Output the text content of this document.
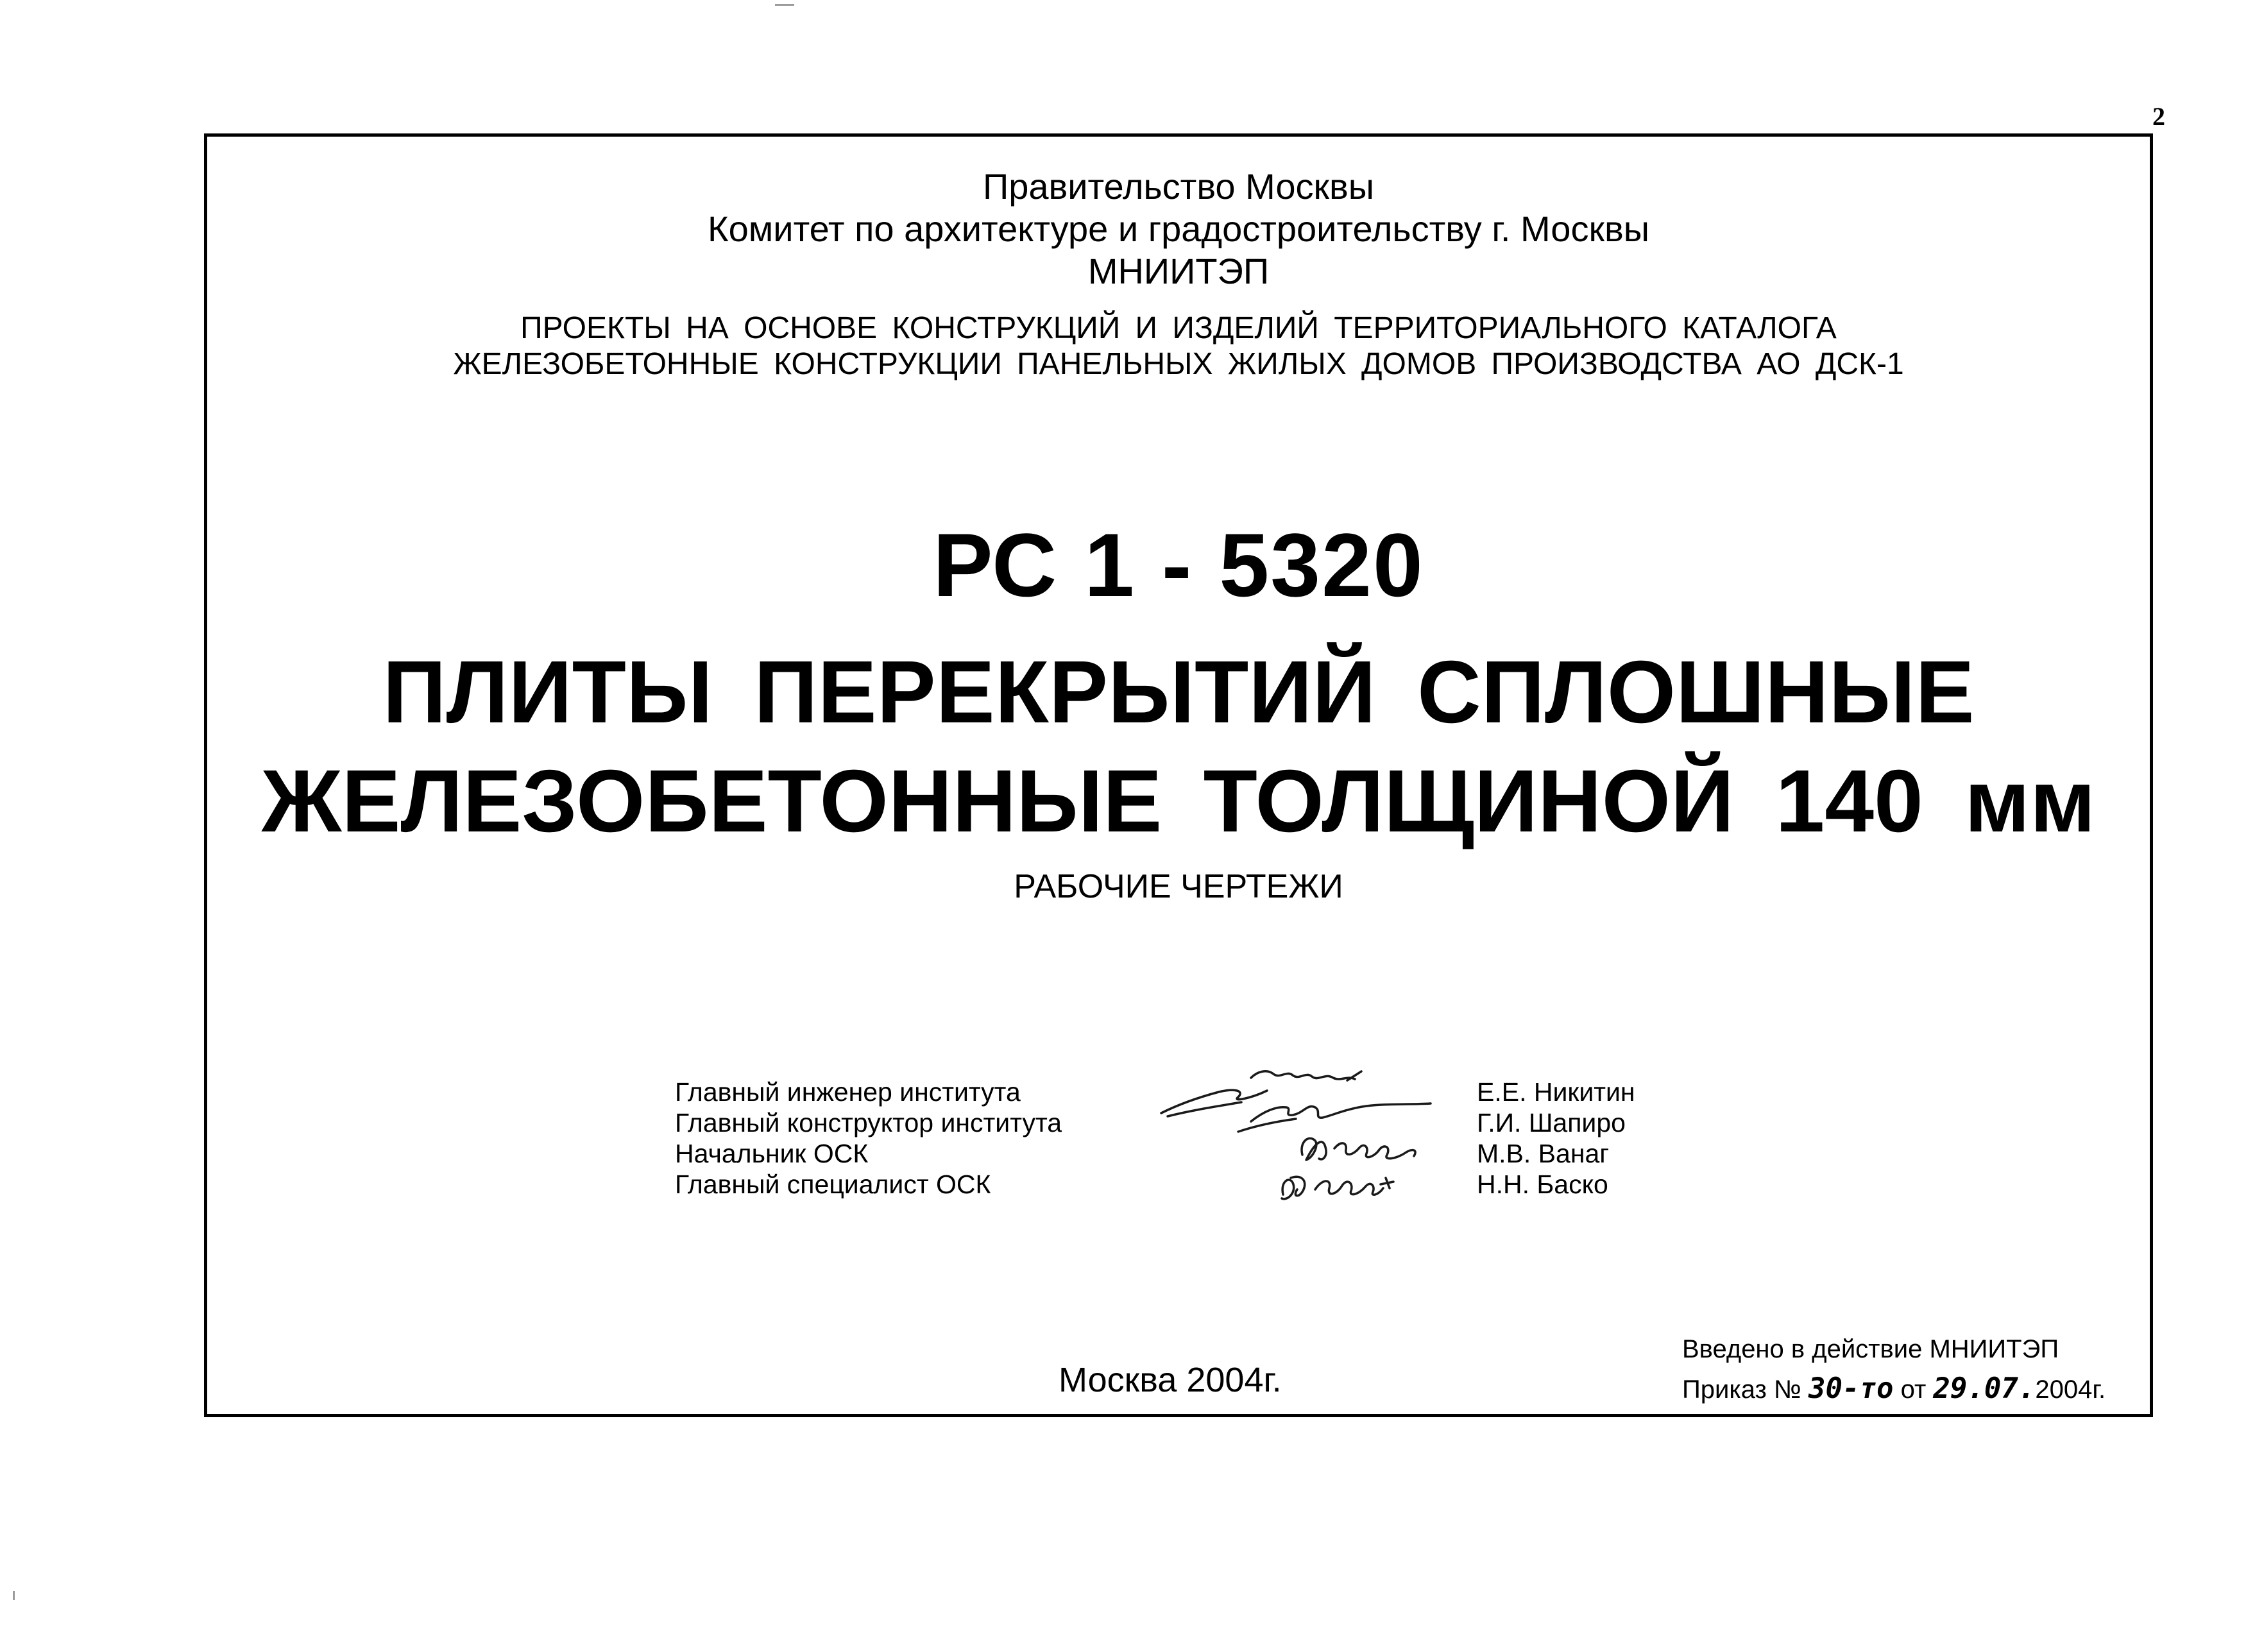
2
Правительство Москвы
Комитет по архитектуре и градостроительству г. Москвы
МНИИТЭП
ПРОЕКТЫ НА ОСНОВЕ КОНСТРУКЦИЙ И ИЗДЕЛИЙ ТЕРРИТОРИАЛЬНОГО КАТАЛОГА
ЖЕЛЕЗОБЕТОННЫЕ КОНСТРУКЦИИ ПАНЕЛЬНЫХ ЖИЛЫХ ДОМОВ ПРОИЗВОДСТВА АО ДСК-1
РС 1 - 5320
ПЛИТЫ ПЕРЕКРЫТИЙ СПЛОШНЫЕ
ЖЕЛЕЗОБЕТОННЫЕ ТОЛЩИНОЙ 140 мм
РАБОЧИЕ ЧЕРТЕЖИ
Главный инженер института
Главный конструктор института
Начальник ОСК
Главный специалист ОСК
Е.Е. Никитин
Г.И. Шапиро
М.В. Ванаг
Н.Н. Баско
Москва 2004г.
Введено в действие МНИИТЭП
Приказ № 30-то от 29.07.2004г.
